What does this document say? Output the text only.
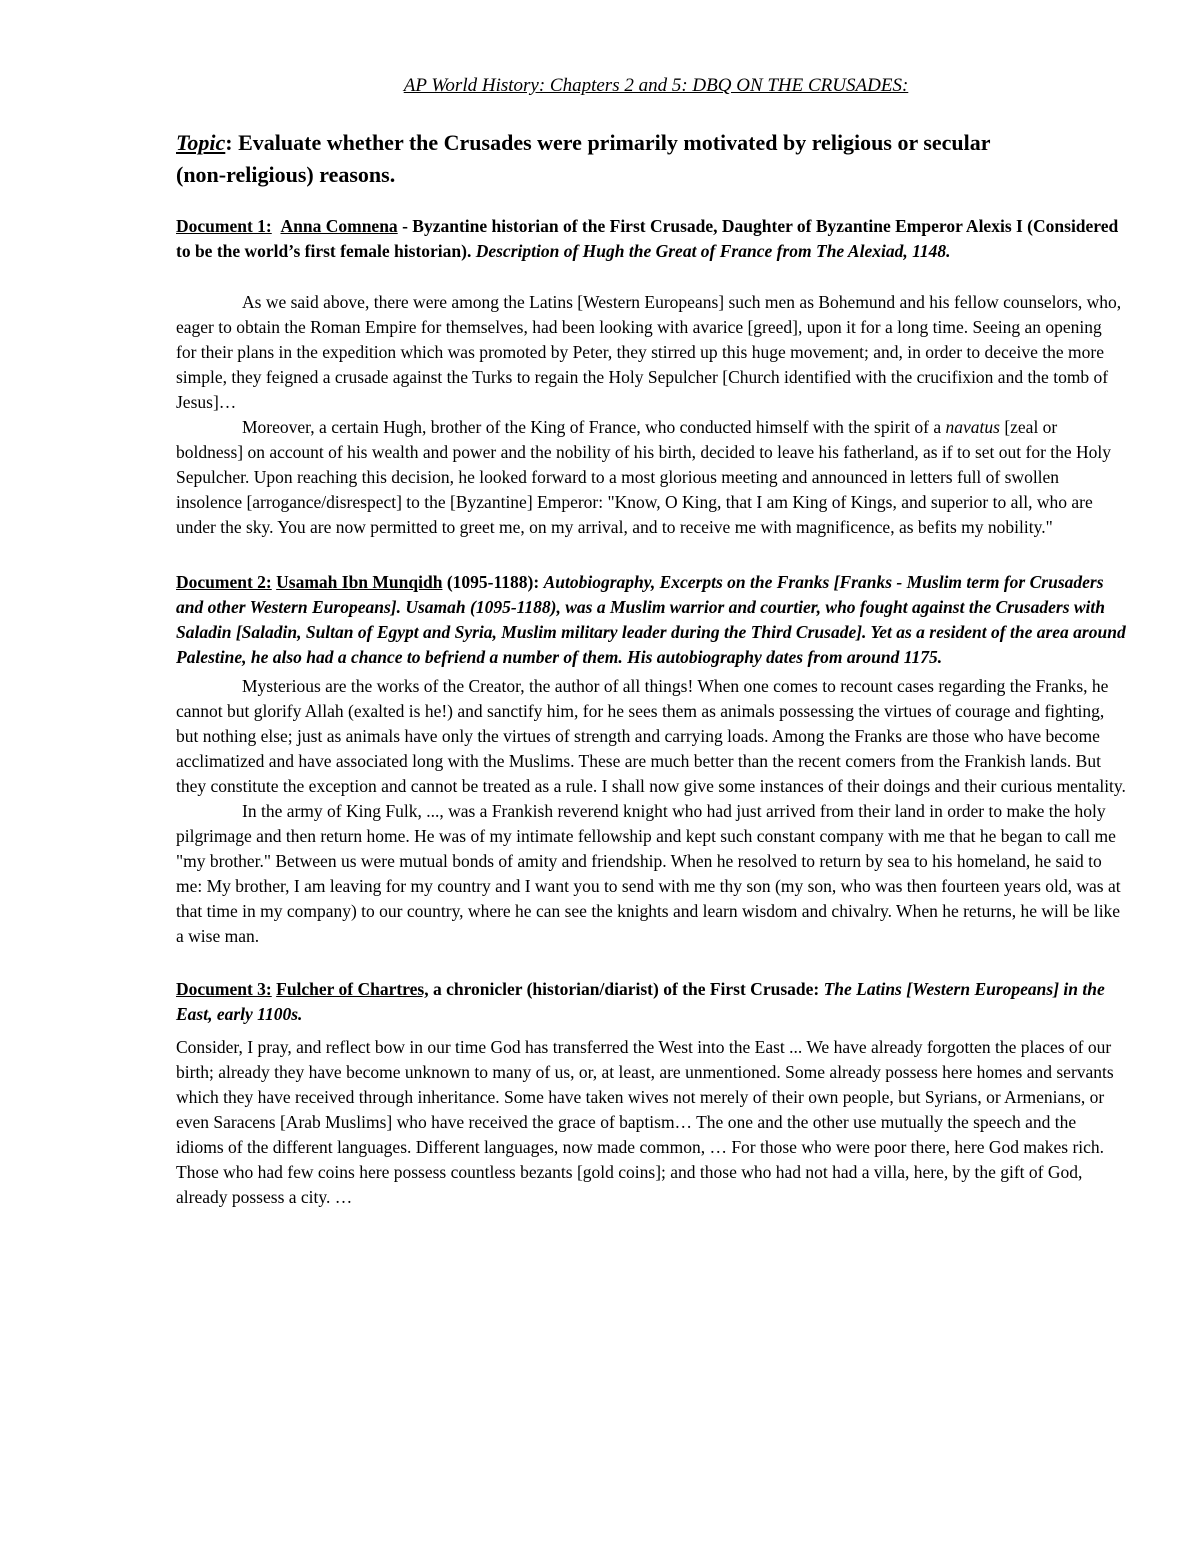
AP World History: Chapters 2 and 5: DBQ ON THE CRUSADES:
Topic: Evaluate whether the Crusades were primarily motivated by religious or secular (non-religious) reasons.
Document 1: Anna Comnena - Byzantine historian of the First Crusade, Daughter of Byzantine Emperor Alexis I (Considered to be the world’s first female historian). Description of Hugh the Great of France from The Alexiad, 1148.

As we said above, there were among the Latins [Western Europeans] such men as Bohemund and his fellow counselors, who, eager to obtain the Roman Empire for themselves, had been looking with avarice [greed], upon it for a long time. Seeing an opening for their plans in the expedition which was promoted by Peter, they stirred up this huge movement; and, in order to deceive the more simple, they feigned a crusade against the Turks to regain the Holy Sepulcher [Church identified with the crucifixion and the tomb of Jesus]…

Moreover, a certain Hugh, brother of the King of France, who conducted himself with the spirit of a navatus [zeal or boldness] on account of his wealth and power and the nobility of his birth, decided to leave his fatherland, as if to set out for the Holy Sepulcher. Upon reaching this decision, he looked forward to a most glorious meeting and announced in letters full of swollen insolence [arrogance/disrespect] to the [Byzantine] Emperor: "Know, O King, that I am King of Kings, and superior to all, who are under the sky. You are now permitted to greet me, on my arrival, and to receive me with magnificence, as befits my nobility."

Document 2: Usamah Ibn Munqidh (1095-1188): Autobiography, Excerpts on the Franks [Franks - Muslim term for Crusaders and other Western Europeans]. Usamah (1095-1188), was a Muslim warrior and courtier, who fought against the Crusaders with Saladin [Saladin, Sultan of Egypt and Syria, Muslim military leader during the Third Crusade]. Yet as a resident of the area around Palestine, he also had a chance to befriend a number of them. His autobiography dates from around 1175.

Mysterious are the works of the Creator, the author of all things! When one comes to recount cases regarding the Franks, he cannot but glorify Allah (exalted is he!) and sanctify him, for he sees them as animals possessing the virtues of courage and fighting, but nothing else; just as animals have only the virtues of strength and carrying loads. Among the Franks are those who have become acclimatized and have associated long with the Muslims. These are much better than the recent comers from the Frankish lands. But they constitute the exception and cannot be treated as a rule. I shall now give some instances of their doings and their curious mentality.

In the army of King Fulk, ..., was a Frankish reverend knight who had just arrived from their land in order to make the holy pilgrimage and then return home. He was of my intimate fellowship and kept such constant company with me that he began to call me "my brother." Between us were mutual bonds of amity and friendship. When he resolved to return by sea to his homeland, he said to me: My brother, I am leaving for my country and I want you to send with me thy son (my son, who was then fourteen years old, was at that time in my company) to our country, where he can see the knights and learn wisdom and chivalry. When he returns, he will be like a wise man.

Document 3: Fulcher of Chartres, a chronicler (historian/diarist) of the First Crusade: The Latins [Western Europeans] in the East, early 1100s.

Consider, I pray, and reflect bow in our time God has transferred the West into the East ... We have already forgotten the places of our birth; already they have become unknown to many of us, or, at least, are unmentioned. Some already possess here homes and servants which they have received through inheritance. Some have taken wives not merely of their own people, but Syrians, or Armenians, or even Saracens [Arab Muslims] who have received the grace of baptism… The one and the other use mutually the speech and the idioms of the different languages. Different languages, now made common, … For those who were poor there, here God makes rich. Those who had few coins here possess countless bezants [gold coins]; and those who had not had a villa, here, by the gift of God, already possess a city. …
